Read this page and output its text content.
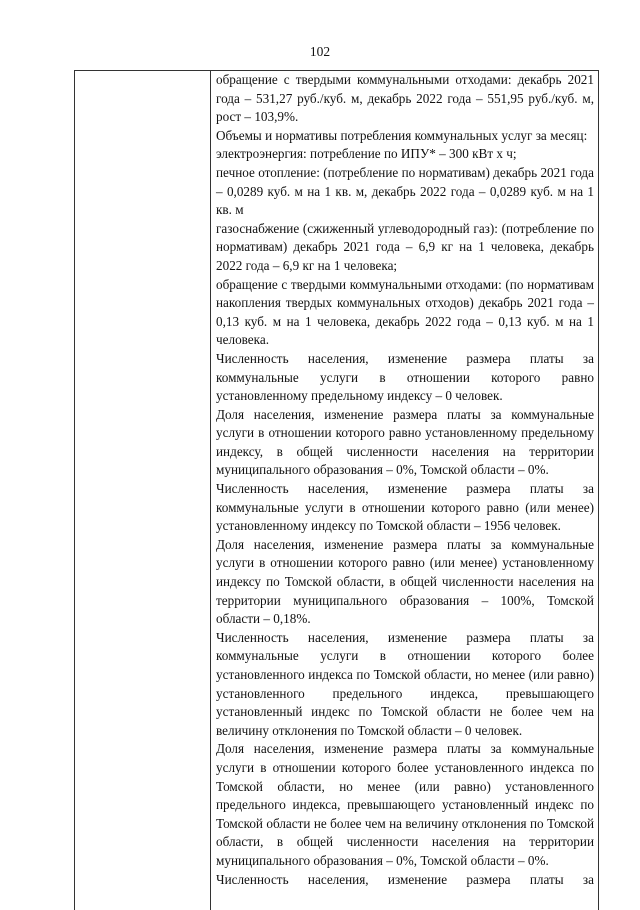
102

обращение с твердыми коммунальными отходами: декабрь 2021 года – 531,27 руб./куб. м, декабрь 2022 года – 551,95 руб./куб. м, рост – 103,9%.

Объемы и нормативы потребления коммунальных услуг за месяц:

электроэнергия: потребление по ИПУ* – 300 кВт х ч;

печное отопление: (потребление по нормативам) декабрь 2021 года – 0,0289 куб. м на 1 кв. м, декабрь 2022 года – 0,0289 куб. м на 1 кв. м

газоснабжение (сжиженный углеводородный газ): (потребление по нормативам) декабрь 2021 года – 6,9 кг на 1 человека, декабрь 2022 года – 6,9 кг на 1 человека;

обращение с твердыми коммунальными отходами: (по нормативам накопления твердых коммунальных отходов) декабрь 2021 года – 0,13 куб. м на 1 человека, декабрь 2022 года – 0,13 куб. м на 1 человека.

Численность населения, изменение размера платы за коммунальные услуги в отношении которого равно установленному предельному индексу – 0 человек.

Доля населения, изменение размера платы за коммунальные услуги в отношении которого равно установленному предельному индексу, в общей численности населения на территории муниципального образования – 0%, Томской области – 0%.

Численность населения, изменение размера платы за коммунальные услуги в отношении которого равно (или менее) установленному индексу по Томской области – 1956 человек.

Доля населения, изменение размера платы за коммунальные услуги в отношении которого равно (или менее) установленному индексу по Томской области, в общей численности населения на территории муниципального образования – 100%, Томской области – 0,18%.

Численность населения, изменение размера платы за коммунальные услуги в отношении которого более установленного индекса по Томской области, но менее (или равно) установленного предельного индекса, превышающего установленный индекс по Томской области не более чем на величину отклонения по Томской области – 0 человек.

Доля населения, изменение размера платы за коммунальные услуги в отношении которого более установленного индекса по Томской области, но менее (или равно) установленного предельного индекса, превышающего установленный индекс по Томской области не более чем на величину отклонения по Томской области, в общей численности населения на территории муниципального образования – 0%, Томской области – 0%.

Численность населения, изменение размера платы за
